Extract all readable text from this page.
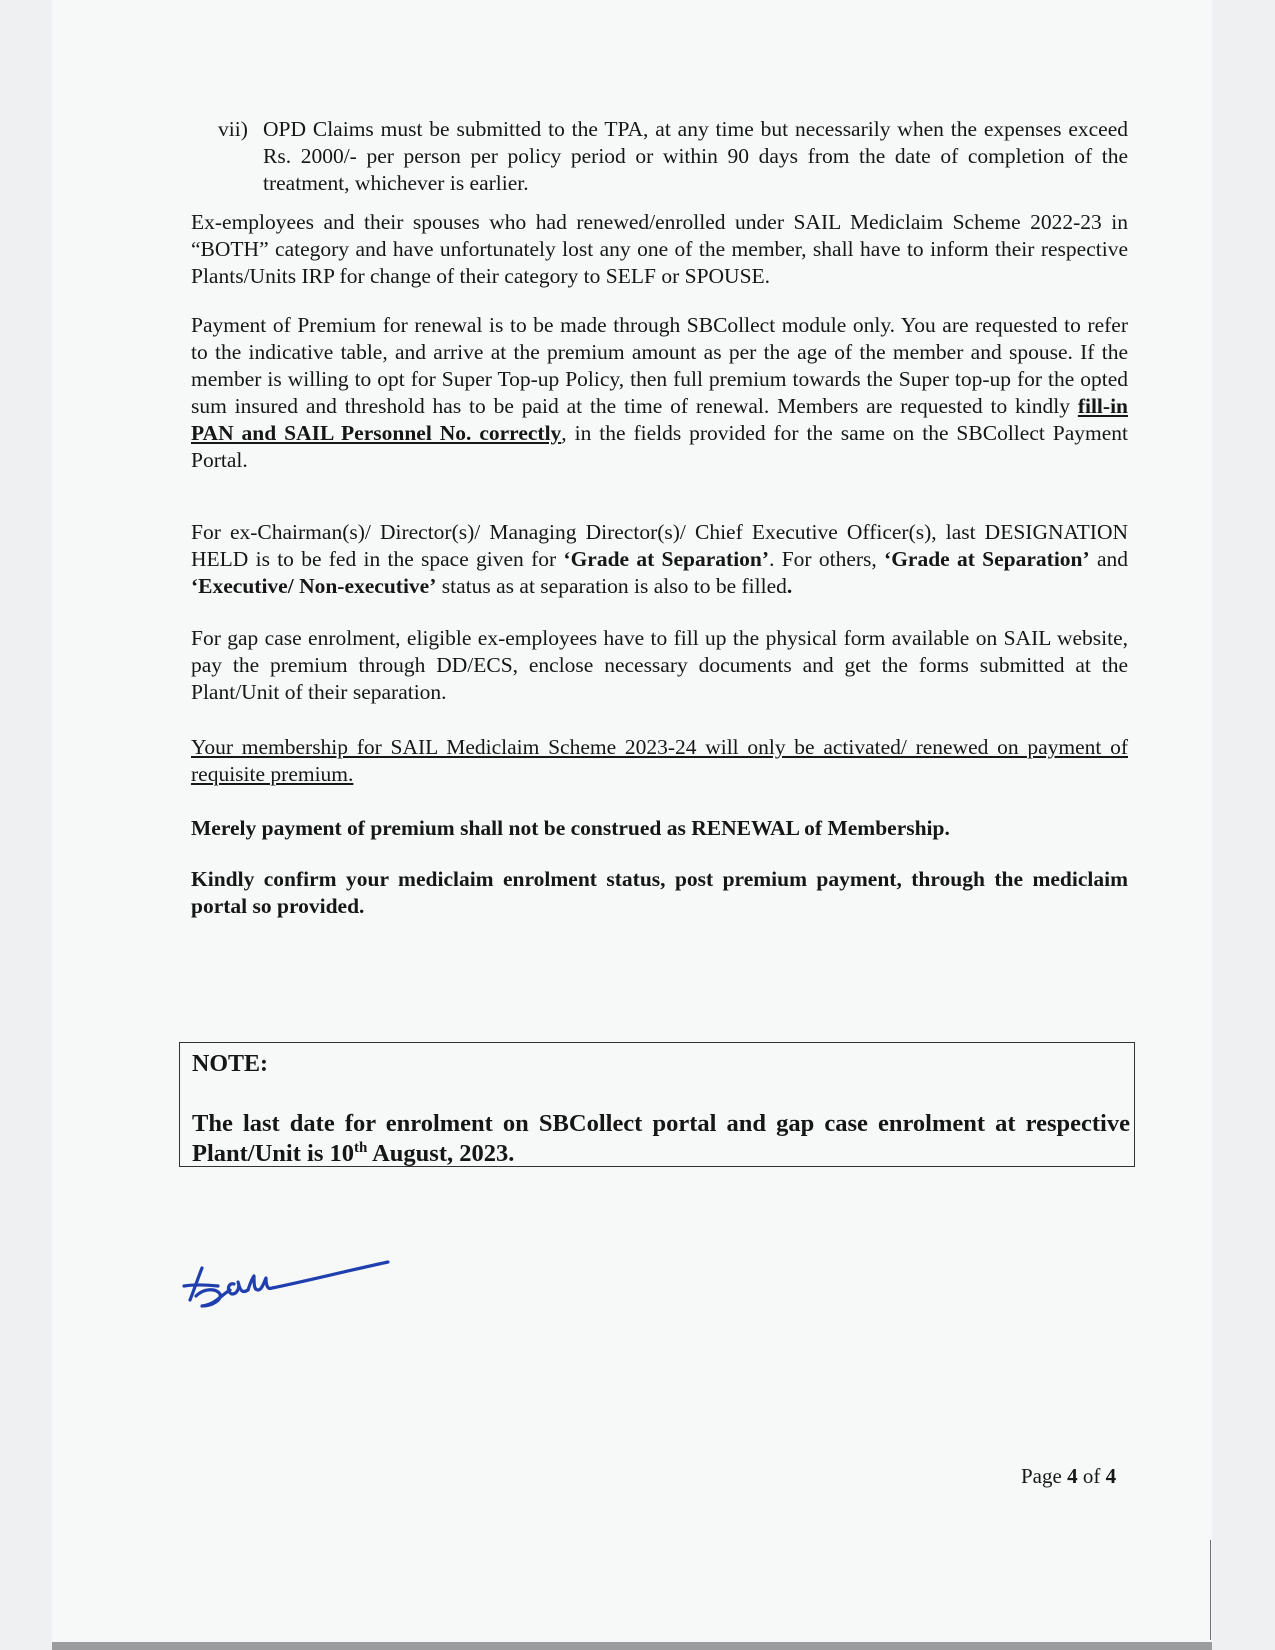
vii) OPD Claims must be submitted to the TPA, at any time but necessarily when the expenses exceed Rs. 2000/- per person per policy period or within 90 days from the date of completion of the treatment, whichever is earlier.

Ex-employees and their spouses who had renewed/enrolled under SAIL Mediclaim Scheme 2022-23 in “BOTH” category and have unfortunately lost any one of the member, shall have to inform their respective Plants/Units IRP for change of their category to SELF or SPOUSE.

Payment of Premium for renewal is to be made through SBCollect module only. You are requested to refer to the indicative table, and arrive at the premium amount as per the age of the member and spouse. If the member is willing to opt for Super Top-up Policy, then full premium towards the Super top-up for the opted sum insured and threshold has to be paid at the time of renewal. Members are requested to kindly fill-in PAN and SAIL Personnel No. correctly, in the fields provided for the same on the SBCollect Payment Portal.

For ex-Chairman(s)/ Director(s)/ Managing Director(s)/ Chief Executive Officer(s), last DESIGNATION HELD is to be fed in the space given for ‘Grade at Separation’. For others, ‘Grade at Separation’ and ‘Executive/ Non-executive’ status as at separation is also to be filled.

For gap case enrolment, eligible ex-employees have to fill up the physical form available on SAIL website, pay the premium through DD/ECS, enclose necessary documents and get the forms submitted at the Plant/Unit of their separation.

Your membership for SAIL Mediclaim Scheme 2023-24 will only be activated/ renewed on payment of requisite premium.

Merely payment of premium shall not be construed as RENEWAL of Membership.

Kindly confirm your mediclaim enrolment status, post premium payment, through the mediclaim portal so provided.

NOTE:
The last date for enrolment on SBCollect portal and gap case enrolment at respective Plant/Unit is 10th August, 2023.
Page 4 of 4
